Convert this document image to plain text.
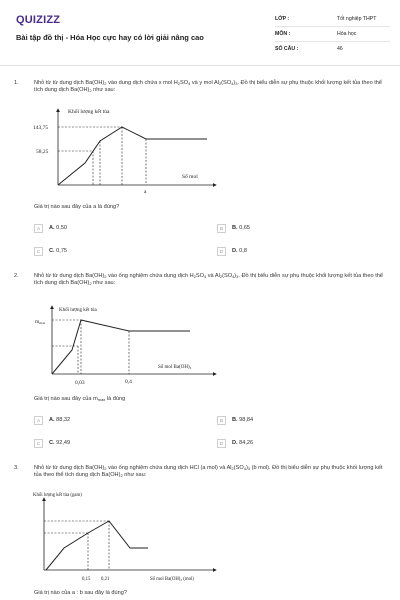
QUIZIZZ
Bài tập đồ thị - Hóa Học cực hay có lời giải nâng cao
LỚP :	Tốt nghiệp THPT
MÔN :	Hóa học
SỐ CÂU :	46
1.	Nhỏ từ từ dung dịch $Ba(OH)_2$ vào dung dịch chứa x mol $H_2SO_4$ và y mol $Al_2(SO_4)_3$. Đồ thị biểu diễn sự phụ thuộc khối lượng kết tủa theo thể tích dung dịch $Ba(OH)_2$ như sau:
Khối lượng kết tủa
Số mol
143,75
58,25
a
Giá trị nào sau đây của a là đúng?
A	A. 0,50	B	B. 0,65
C	C. 0,75	D	D. 0,8
2.	Nhỏ từ từ dung dịch $Ba(OH)_2$ vào ống nghiệm chứa dung dịch $H_2SO_4$ và $Al_2(SO_4)_3$. Đồ thị biểu diễn sự phụ thuộc khối lượng kết tủa theo thể tích dung dịch $Ba(OH)_2$ như sau:
Khối lượng kết tủa
Số mol Ba(OH)₂
mmax
0,03	0,4
Giá trị nào sau đây của $m_{max}$ là đúng
A	A. 88,32	B	B. 98,84
C	C. 92,49	D	D. 84,26
3.	Nhỏ từ từ dung dịch $Ba(OH)_2$ vào ống nghiệm chứa dung dịch HCl (a mol) và $Al_2(SO_4)_3$ (b mol). Đồ thị biểu diễn sự phụ thuộc khối lượng kết tủa theo thể tích dung dịch $Ba(OH)_2$ như sau:
Khối lượng kết tủa (gam)
Số mol Ba(OH)₂ (mol)
0,15 0,21
Giá trị nào của a : b sau đây là đúng?
